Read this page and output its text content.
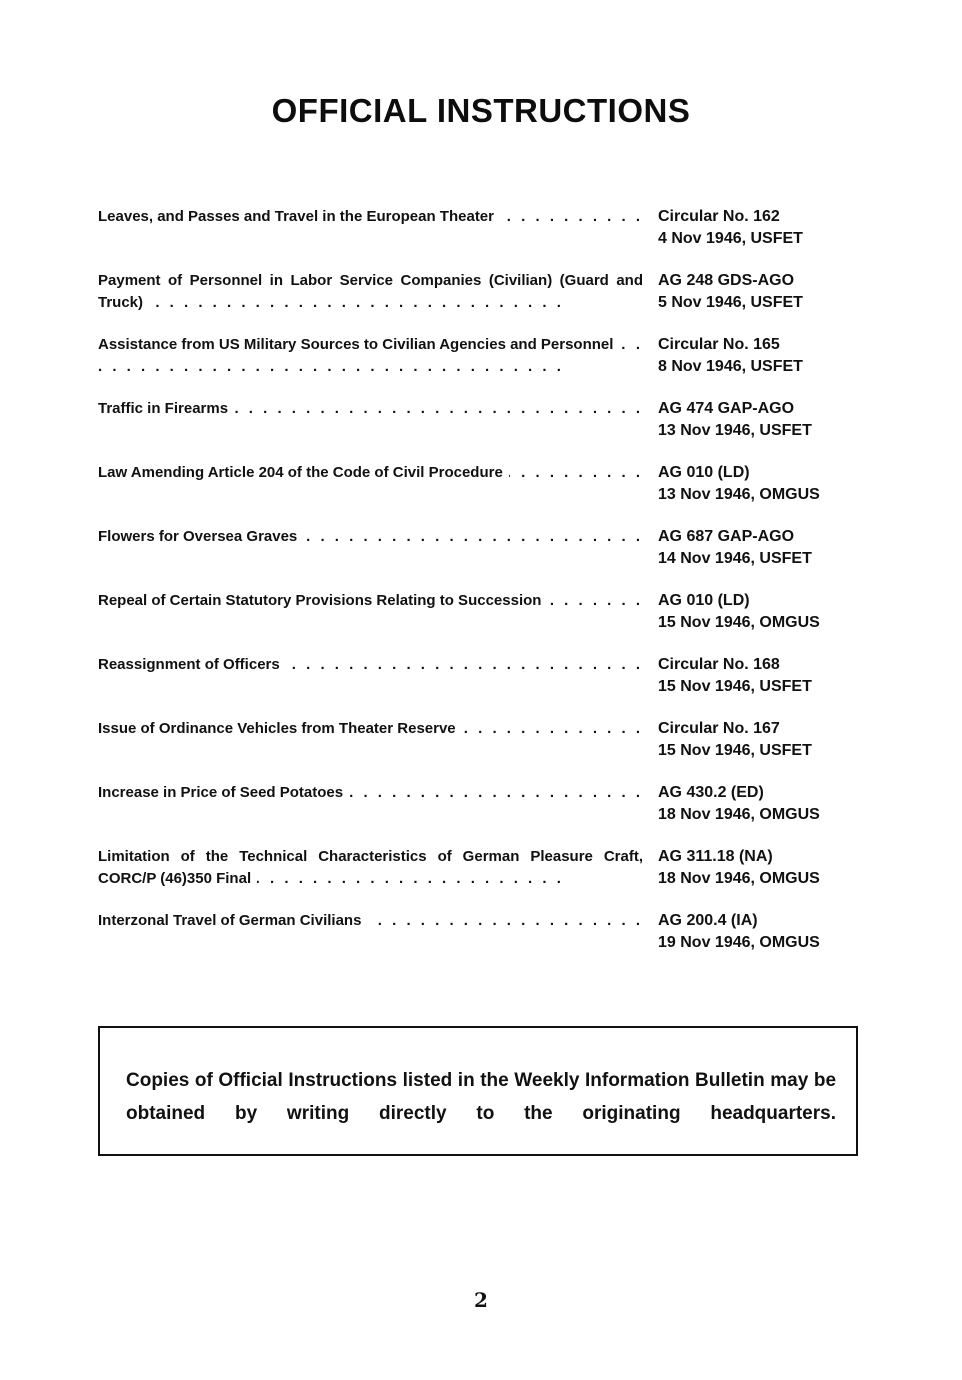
OFFICIAL INSTRUCTIONS
Leaves, and Passes and Travel in the European Theater . . .	Circular No. 162
4 Nov 1946, USFET
Payment of Personnel in Labor Service Companies (Civilian) (Guard and Truck) . . .
AG 248 GDS-AGO
5 Nov 1946, USFET
Assistance from US Military Sources to Civilian Agencies and Personnel . . .	Circular No. 165
8 Nov 1946, USFET
Traffic in Firearms . . .	AG 474 GAP-AGO
13 Nov 1946, USFET
Law Amending Article 204 of the Code of Civil Procedure . . .	AG 010 (LD)
13 Nov 1946, OMGUS
Flowers for Oversea Graves . . .	AG 687 GAP-AGO
14 Nov 1946, USFET
Repeal of Certain Statutory Provisions Relating to Succession . . .	AG 010 (LD)
15 Nov 1946, OMGUS
Reassignment of Officers . . .	Circular No. 168
15 Nov 1946, USFET
Issue of Ordinance Vehicles from Theater Reserve . . .	Circular No. 167
15 Nov 1946, USFET
Increase in Price of Seed Potatoes . . .	AG 430.2 (ED)
18 Nov 1946, OMGUS
Limitation of the Technical Characteristics of German Pleasure Craft, CORC/P (46)350 Final . . .
AG 311.18 (NA)
18 Nov 1946, OMGUS
Interzonal Travel of German Civilians . . .	AG 200.4 (IA)
19 Nov 1946, OMGUS
Copies of Official Instructions listed in the Weekly Information Bulletin may be obtained by writing directly to the originating headquarters.
2
